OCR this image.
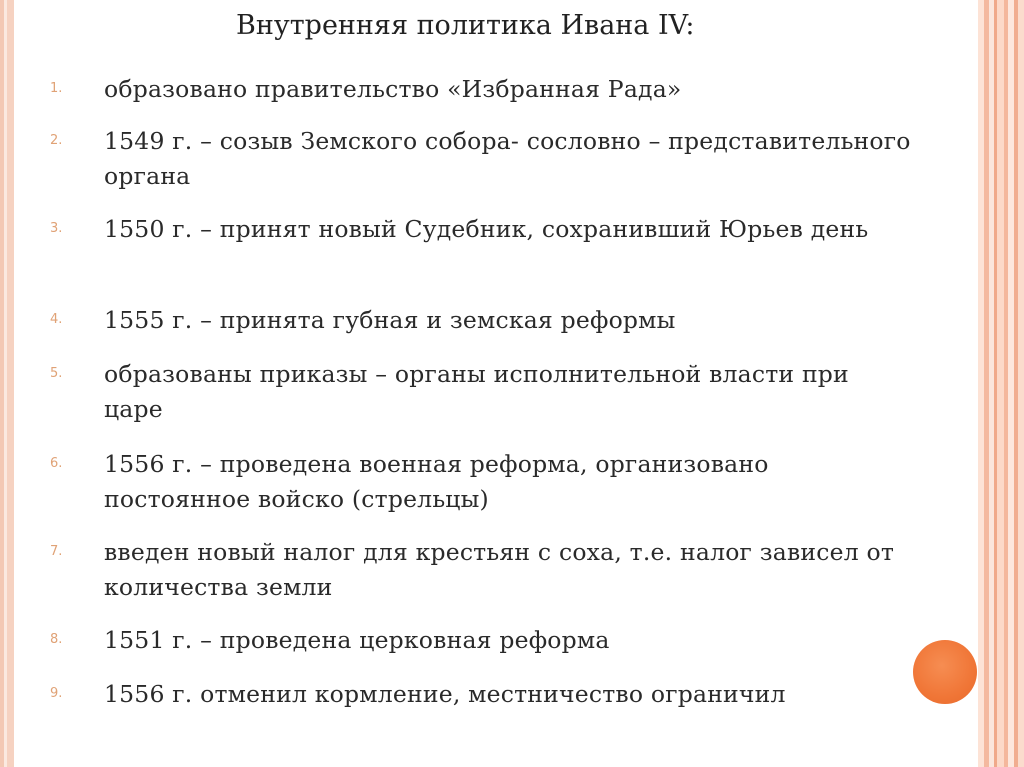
Внутренняя политика Ивана IV:
1.	образовано правительство «Избранная Рада»
2.	1549 г. – созыв Земского собора- сословно – представительного органа
3.	1550 г. – принят новый Судебник, сохранивший Юрьев день
4.	1555 г. – принята губная и земская реформы
5.	образованы приказы – органы исполнительной власти при царе
6.	1556 г. – проведена военная реформа, организовано постоянное войско (стрельцы)
7.	введен новый налог для крестьян с соха, т.е. налог зависел от количества земли
8.	1551 г. – проведена церковная реформа
9.	1556 г. отменил кормление, местничество ограничил
